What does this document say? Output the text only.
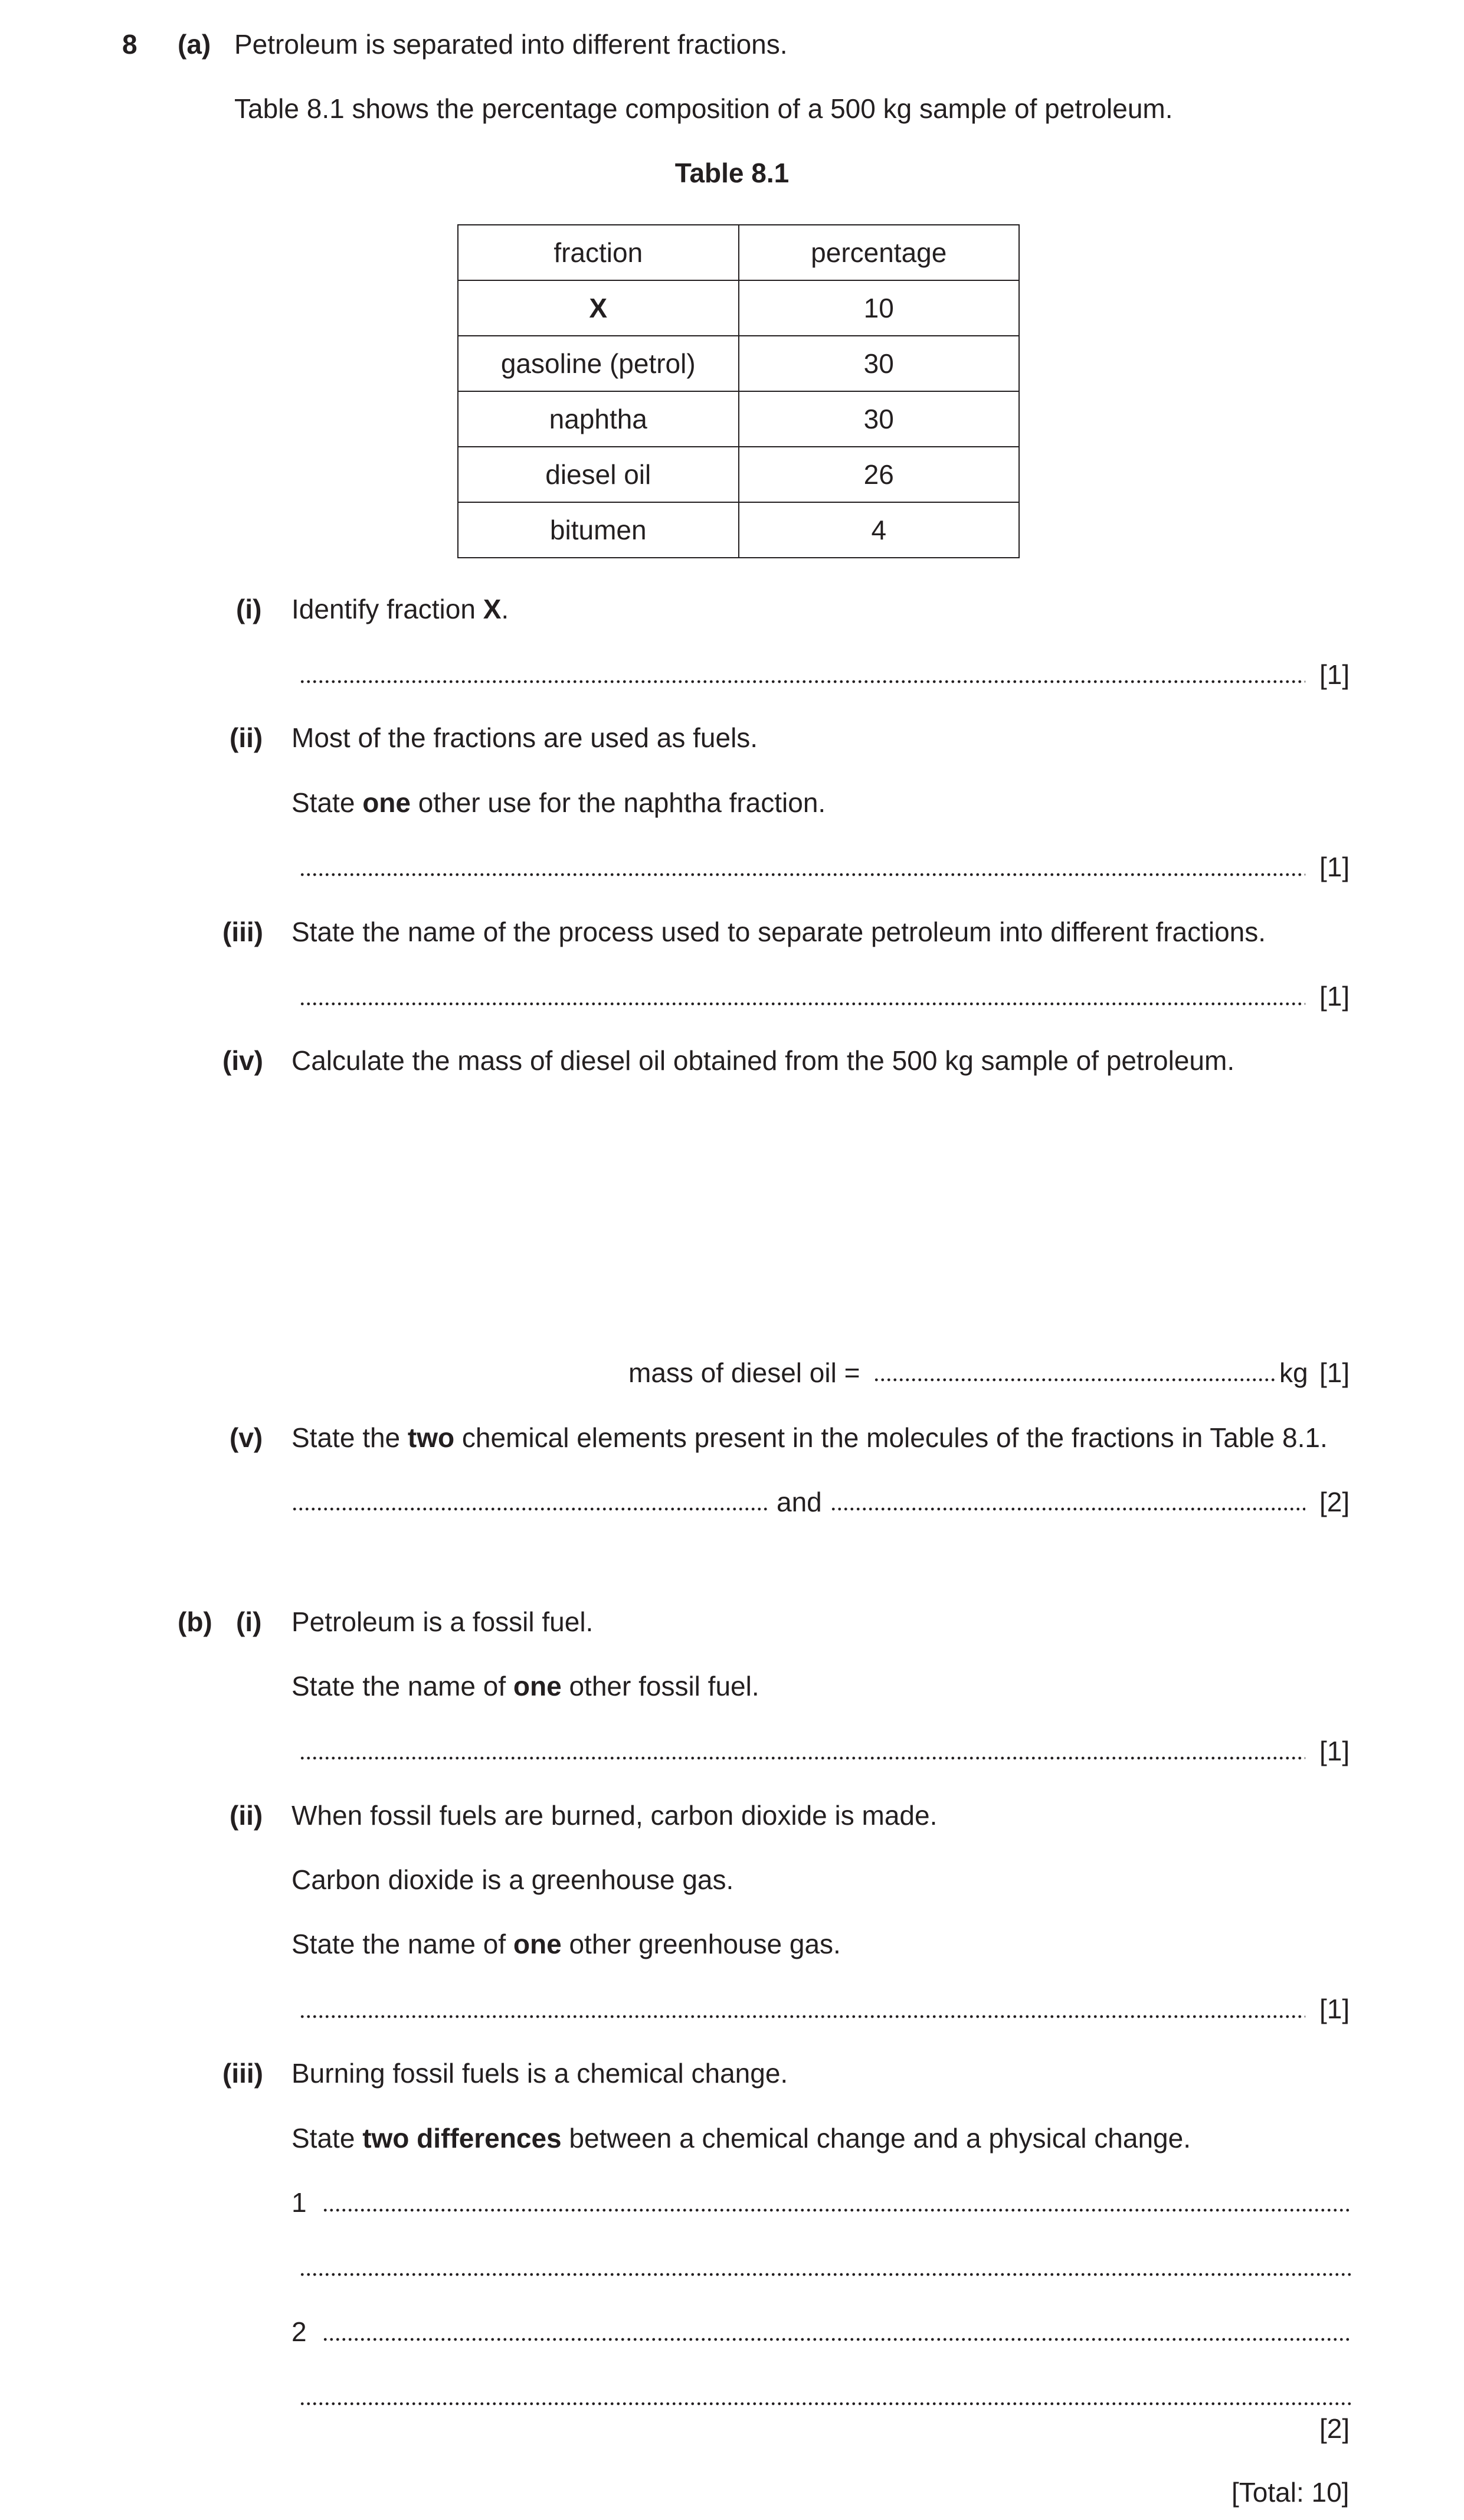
8 (a) Petroleum is separated into different fractions.
Table 8.1 shows the percentage composition of a 500 kg sample of petroleum.
Table 8.1
fraction	percentage
X	10
gasoline (petrol)	30
naphtha	30
diesel oil	26
bitumen	4
(i) Identify fraction X.
[1]
(ii) Most of the fractions are used as fuels.
State one other use for the naphtha fraction.
[1]
(iii) State the name of the process used to separate petroleum into different fractions.
[1]
(iv) Calculate the mass of diesel oil obtained from the 500 kg sample of petroleum.
mass of diesel oil =	kg [1]
(v) State the two chemical elements present in the molecules of the fractions in Table 8.1.
and	[2]
(b) (i) Petroleum is a fossil fuel.
State the name of one other fossil fuel.
[1]
(ii) When fossil fuels are burned, carbon dioxide is made.
Carbon dioxide is a greenhouse gas.
State the name of one other greenhouse gas.
[1]
(iii) Burning fossil fuels is a chemical change.
State two differences between a chemical change and a physical change.
1
2
[2]
[Total: 10]
